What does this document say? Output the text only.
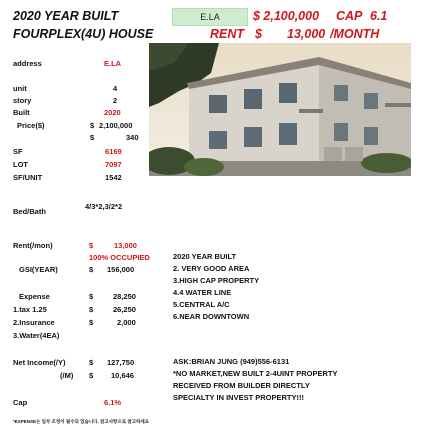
2020 YEAR BUILT
FOURPLEX(4U) HOUSE
E.LA	$ 2,100,000 CAP 6.1
RENT $ 13,000 /MONTH
address	E.LA
unit	4
story	2
Built	2020
Price($)	$ 2,100,000
$	340
SF	6169
LOT	7097
SF/UNIT	1542
Bed/Bath
4/3*2,3/2*2
Rent(/mon)	$	13,000
100% OCCUPIED
GSI(YEAR)	$ 156,000
Expense	$	28,250
1.tax 1.25	$	26,250
2.Insurance	$	2,000
3.Water(4EA)
Net Income(/Y)	$ 127,750
(/M) $ 10,646
Cap	6.1%
2020 YEAR BUILT
2. VERY GOOD AREA
3.HIGH CAP PROPERTY
4.4 WATER LINE
5.CENTRAL A/C
6.NEAR DOWNTOWN
ASK:BRIAN JUNG (949)556-6131
*NO MARKET,NEW BUILT 2-4UINT PROPERTY
RECEIVED FROM BUILDER DIRECTLY
SPECIALTY IN INVEST PROPERTY!!!
*EXPENSE는 일부 조정이 필수되 있습니다. 참고사항으로 참고하세요
